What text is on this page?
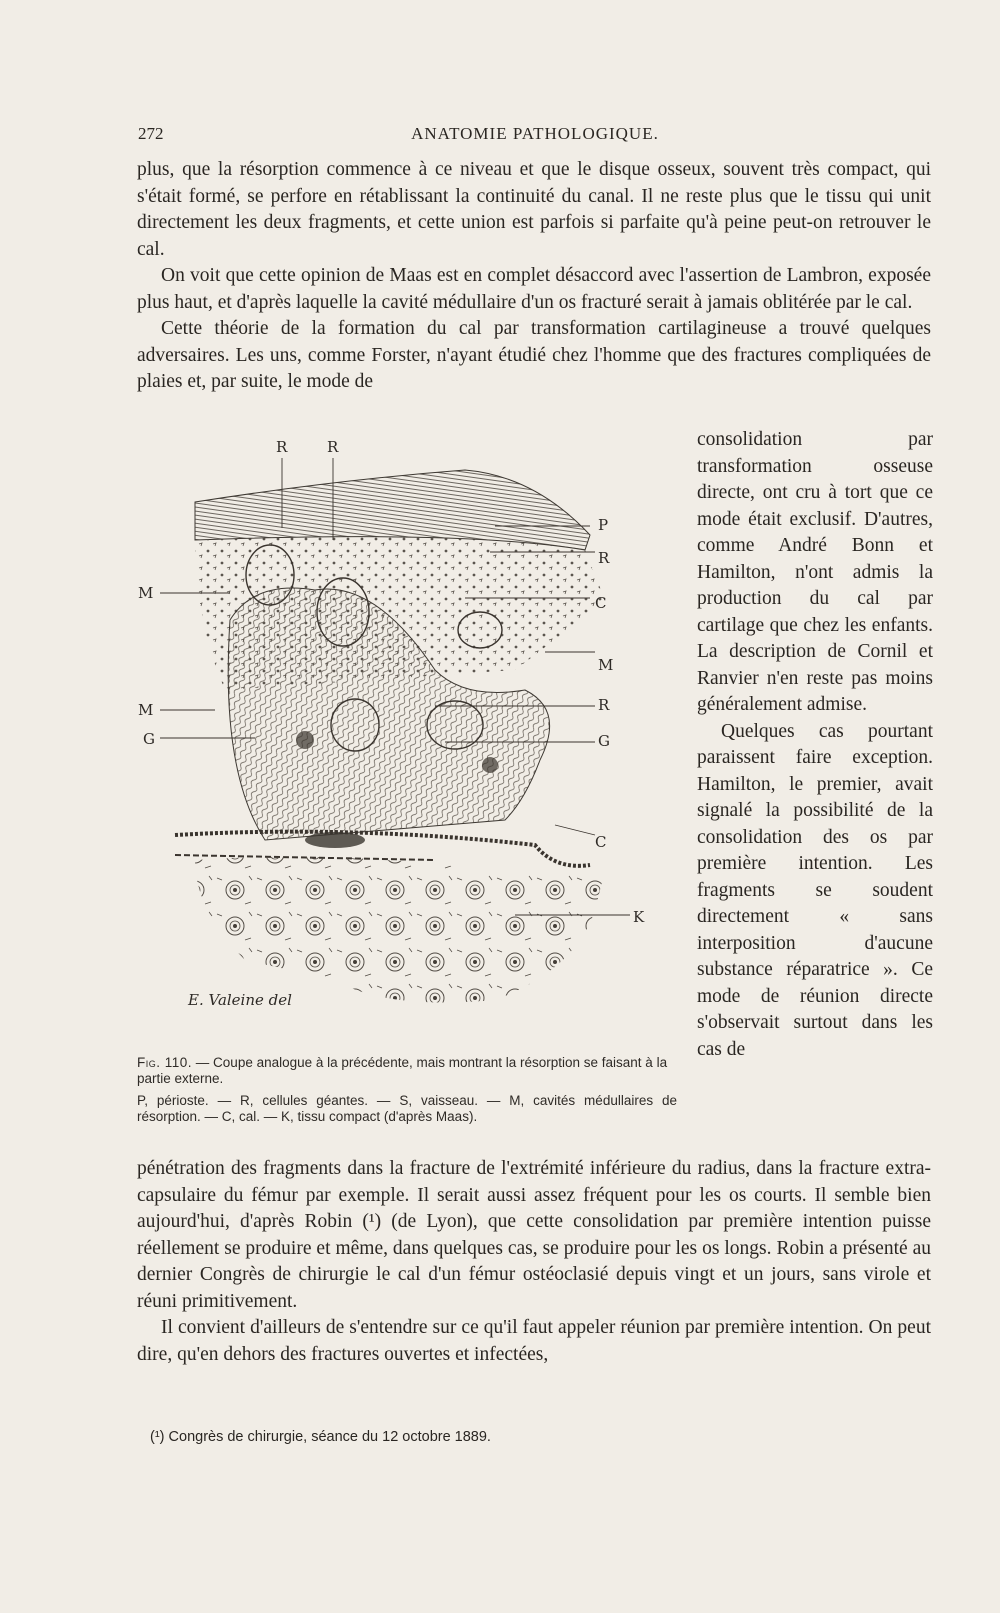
272	ANATOMIE PATHOLOGIQUE.

plus, que la résorption commence à ce niveau et que le disque osseux, souvent très compact, qui s'était formé, se perfore en rétablissant la continuité du canal. Il ne reste plus que le tissu qui unit directement les deux fragments, et cette union est parfois si parfaite qu'à peine peut-on retrouver le cal.

On voit que cette opinion de Maas est en complet désaccord avec l'assertion de Lambron, exposée plus haut, et d'après laquelle la cavité médullaire d'un os fracturé serait à jamais oblitérée par le cal.

Cette théorie de la formation du cal par transformation cartilagineuse a trouvé quelques adversaires. Les uns, comme Forster, n'ayant étudié chez l'homme que des fractures compliquées de plaies et, par suite, le mode de

consolidation par transformation osseuse directe, ont cru à tort que ce mode était exclusif. D'autres, comme André Bonn et Hamilton, n'ont admis la production du cal par cartilage que chez les enfants. La description de Cornil et Ranvier n'en reste pas moins généralement admise.

Quelques cas pourtant paraissent faire exception. Hamilton, le premier, avait signalé la possibilité de la consolidation des os par première intention. Les fragments se soudent directement « sans interposition d'aucune substance réparatrice ». Ce mode de réunion directe s'observait surtout dans les cas de

R	R
P
R
C
M
M
M	R
G	G
C
K
E. Valeine del

Fig. 110. — Coupe analogue à la précédente, mais montrant la résorption se faisant à la partie externe.

P, périoste. — R, cellules géantes. — S, vaisseau. — M, cavités médullaires de résorption. — C, cal. — K, tissu compact (d'après Maas).

pénétration des fragments dans la fracture de l'extrémité inférieure du radius, dans la fracture extra-capsulaire du fémur par exemple. Il serait aussi assez fréquent pour les os courts. Il semble bien aujourd'hui, d'après Robin (¹) (de Lyon), que cette consolidation par première intention puisse réellement se produire et même, dans quelques cas, se produire pour les os longs. Robin a présenté au dernier Congrès de chirurgie le cal d'un fémur ostéoclasié depuis vingt et un jours, sans virole et réuni primitivement.

Il convient d'ailleurs de s'entendre sur ce qu'il faut appeler réunion par première intention. On peut dire, qu'en dehors des fractures ouvertes et infectées,

(¹) Congrès de chirurgie, séance du 12 octobre 1889.
